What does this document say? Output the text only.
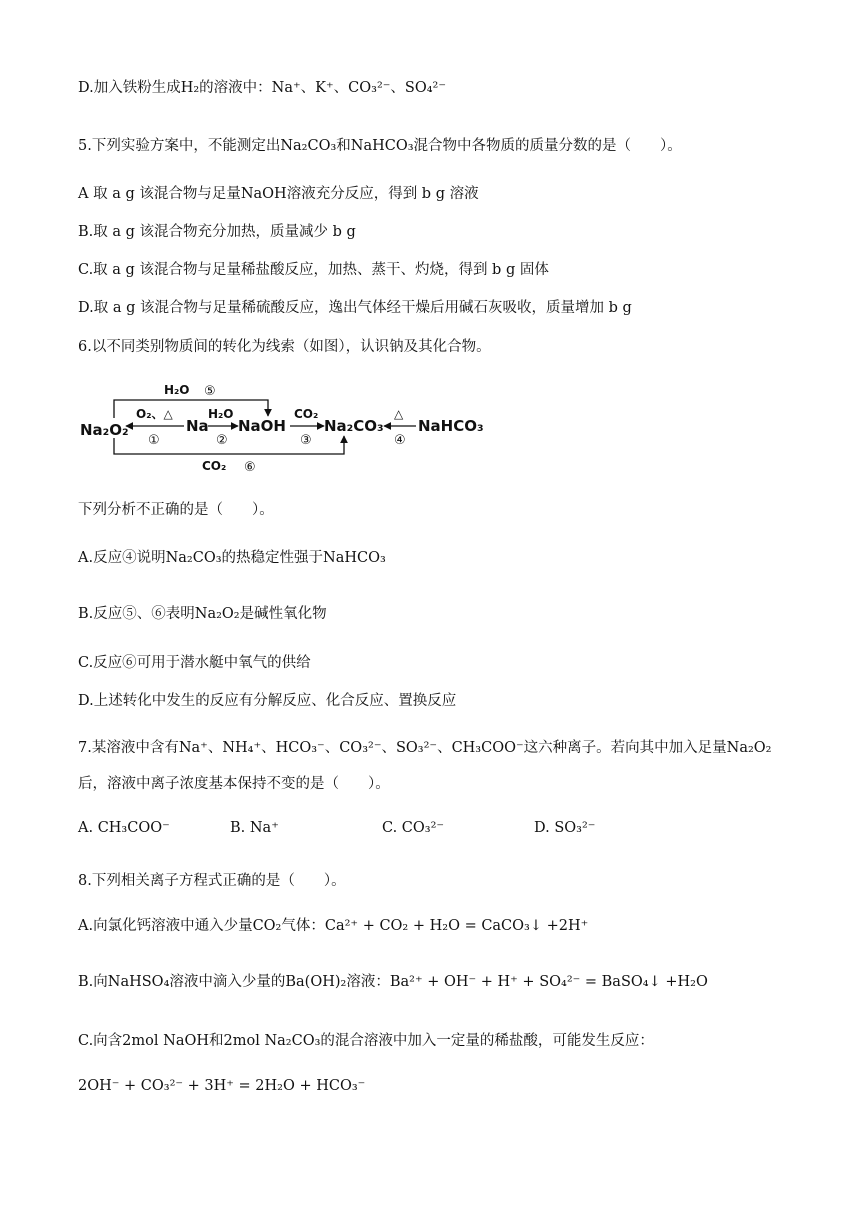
D.加入铁粉生成H₂的溶液中：Na⁺、K⁺、CO₃²⁻、SO₄²⁻
5.下列实验方案中，不能测定出Na₂CO₃和NaHCO₃混合物中各物质的质量分数的是（　　）。
A 取 a g 该混合物与足量NaOH溶液充分反应，得到 b g 溶液
B.取 a g 该混合物充分加热，质量减少 b g
C.取 a g 该混合物与足量稀盐酸反应，加热、蒸干、灼烧，得到 b g 固体
D.取 a g 该混合物与足量稀硫酸反应，逸出气体经干燥后用碱石灰吸收，质量增加 b g
6.以不同类别物质间的转化为线索（如图），认识钠及其化合物。
Na₂O₂	Na NaOH	Na₂CO₃ NaHCO₃
O₂、△
①
H₂O
②
CO₂
③
△
④
H₂O ⑤
CO₂ ⑥
下列分析不正确的是（　　）。
A.反应④说明Na₂CO₃的热稳定性强于NaHCO₃
B.反应⑤、⑥表明Na₂O₂是碱性氧化物
C.反应⑥可用于潜水艇中氧气的供给
D.上述转化中发生的反应有分解反应、化合反应、置换反应
7.某溶液中含有Na⁺、NH₄⁺、HCO₃⁻、CO₃²⁻、SO₃²⁻、CH₃COO⁻这六种离子。若向其中加入足量Na₂O₂
后，溶液中离子浓度基本保持不变的是（　　）。
A. CH₃COO⁻	B. Na⁺	C. CO₃²⁻	D. SO₃²⁻
8.下列相关离子方程式正确的是（　　）。
A.向氯化钙溶液中通入少量CO₂气体：Ca²⁺ + CO₂ + H₂O = CaCO₃↓ +2H⁺
B.向NaHSO₄溶液中滴入少量的Ba(OH)₂溶液：Ba²⁺ + OH⁻ + H⁺ + SO₄²⁻ = BaSO₄↓ +H₂O
C.向含2mol NaOH和2mol Na₂CO₃的混合溶液中加入一定量的稀盐酸，可能发生反应：
2OH⁻ + CO₃²⁻ + 3H⁺ = 2H₂O + HCO₃⁻
